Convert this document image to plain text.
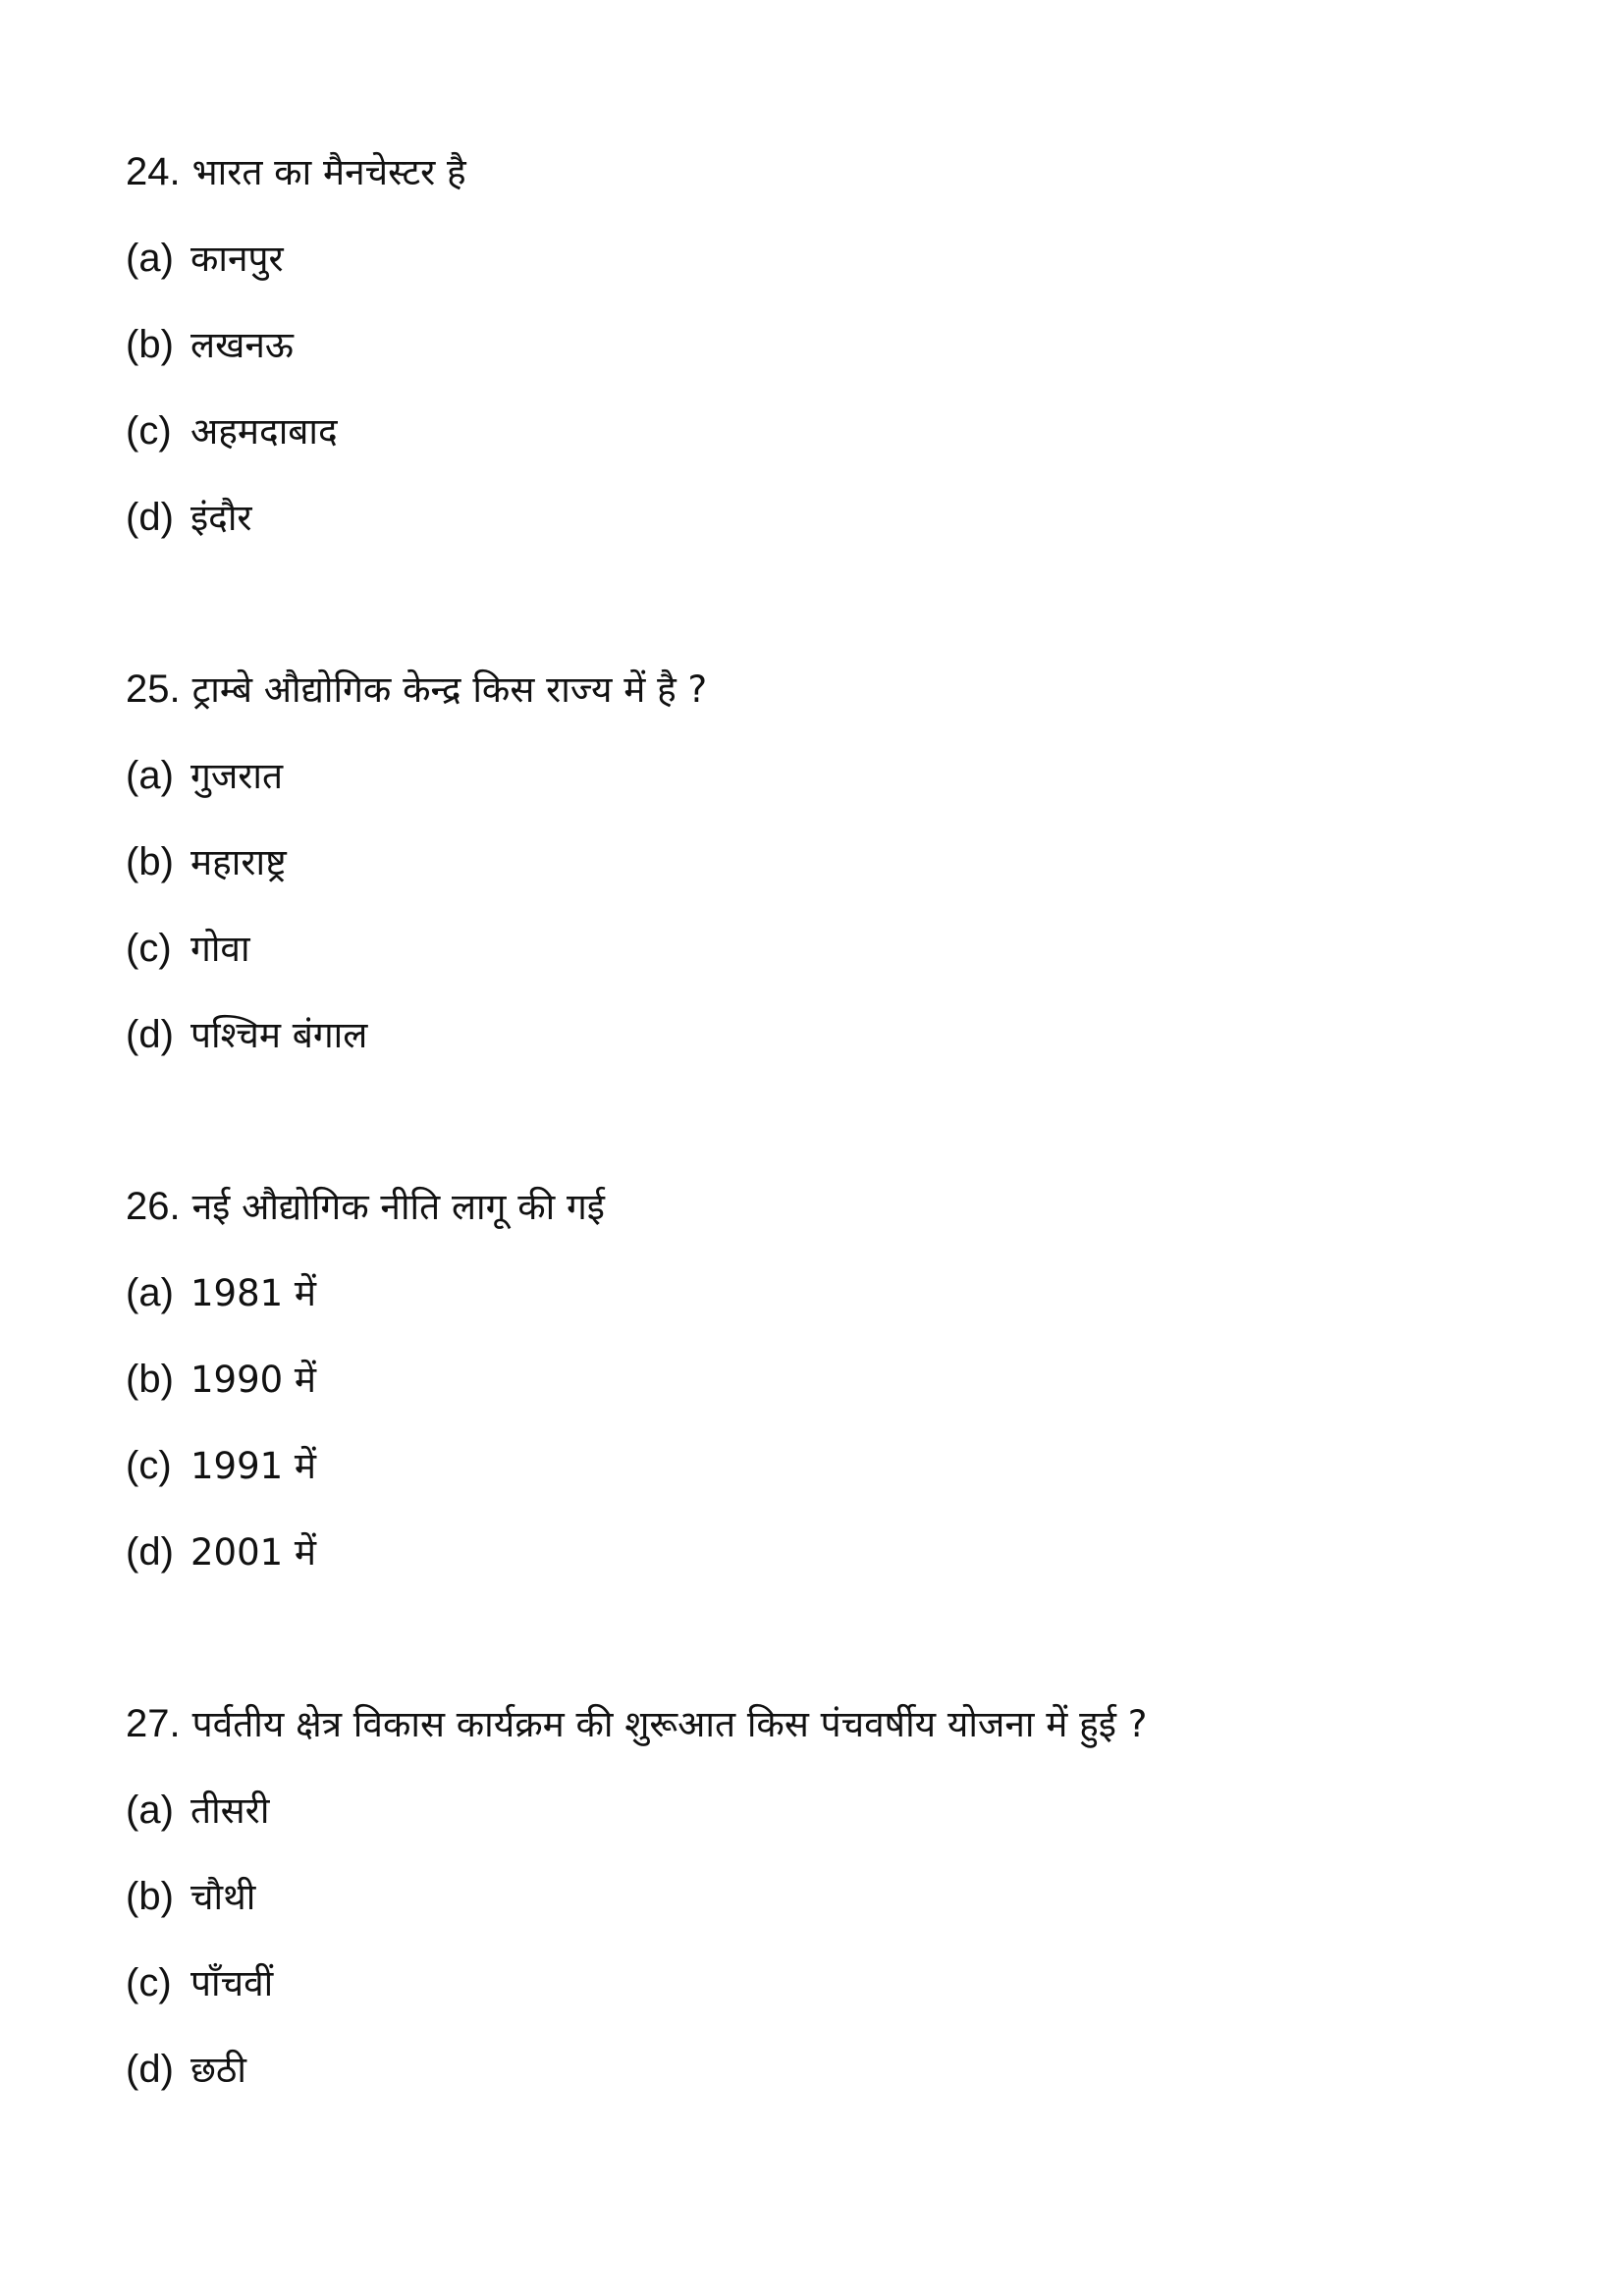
24. भारत का मैनचेस्टर है
(a) कानपुर
(b) लखनऊ
(c) अहमदाबाद
(d) इंदौर
25. ट्राम्बे औद्योगिक केन्द्र किस राज्य में है ?
(a) गुजरात
(b) महाराष्ट्र
(c) गोवा
(d) पश्चिम बंगाल
26. नई औद्योगिक नीति लागू की गई
(a) 1981 में
(b) 1990 में
(c) 1991 में
(d) 2001 में
27. पर्वतीय क्षेत्र विकास कार्यक्रम की शुरूआत किस पंचवर्षीय योजना में हुई ?
(a) तीसरी
(b) चौथी
(c) पाँचवीं
(d) छठी
